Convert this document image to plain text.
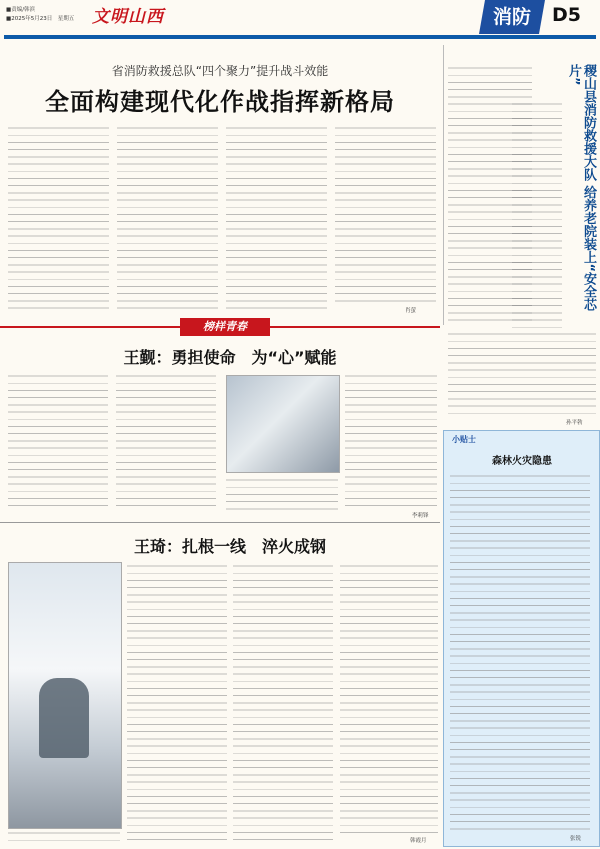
■责编/韩滨
■2025年5月23日　星期五 文明山西	消防	D5
省消防救援总队“四个聚力”提升战斗效能
全面构建现代化作战指挥新格局
肖萤	稷山县消防救援大队 给养老院装上“安全芯片”
孙平勃
榜样青春
王觐：勇担使命　为“心”赋能
李莉锋
王琦：扎根一线　淬火成钢
韩霞月
小贴士
森林火灾隐患
张锐
